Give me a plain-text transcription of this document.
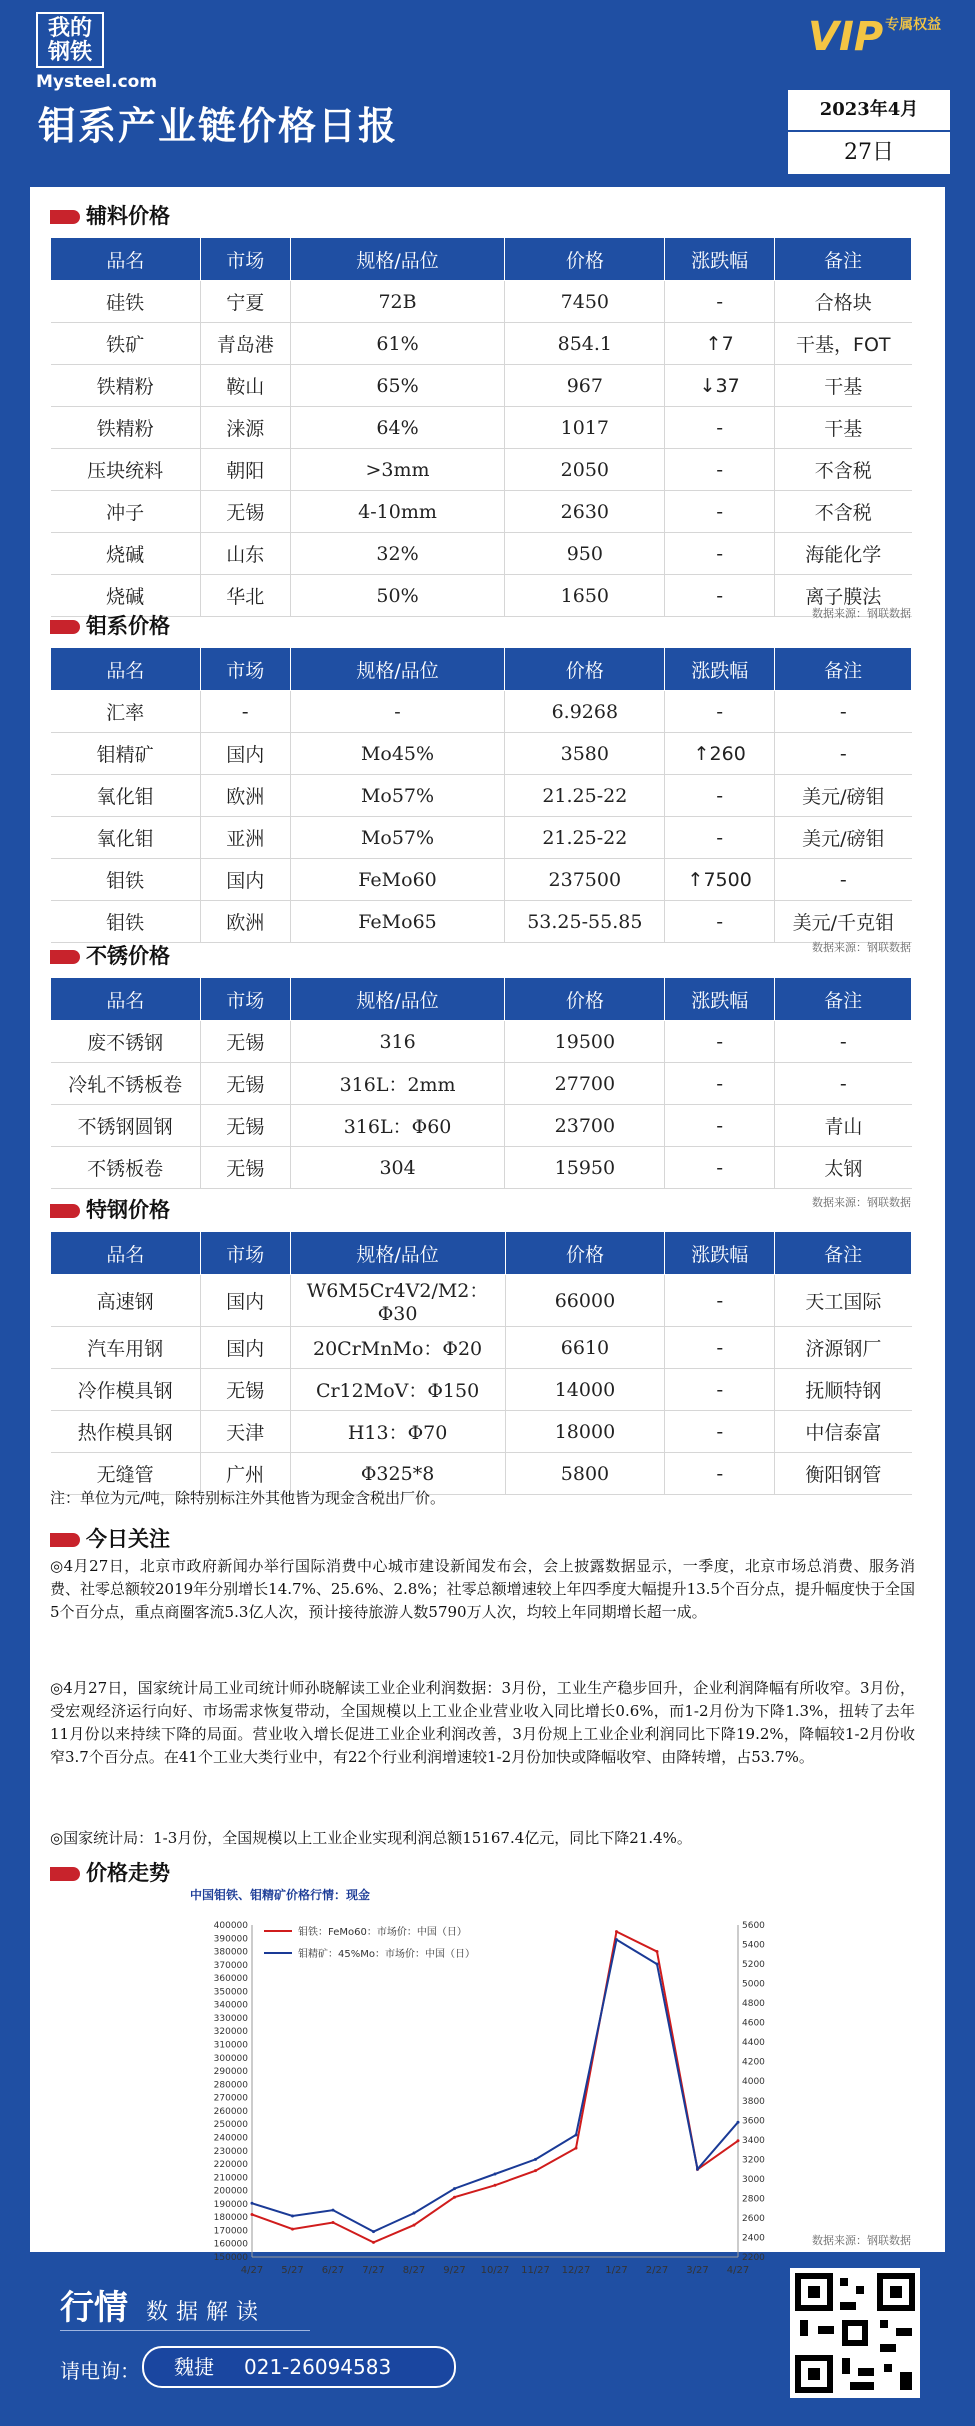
我的钢铁
Mysteel.com
钼系产业链价格日报
VIP $^{专属权益}$
2023年4月
27日
辅料价格
品名	市场	规格/品位	价格	涨跌幅	备注
硅铁	宁夏	72B	7450	-	合格块
铁矿	青岛港	61%	854.1	↑7	干基，FOT
铁精粉	鞍山	65%	967	↓37	干基
铁精粉	涞源	64%	1017	-	干基
压块统料	朝阳	>3mm	2050	-	不含税
冲子	无锡	4-10mm	2630	-	不含税
烧碱	山东	32%	950	-	海能化学
烧碱	华北	50%	1650	-	离子膜法
数据来源：钢联数据
钼系价格
品名	市场	规格/品位	价格	涨跌幅	备注
汇率	-	-	6.9268	-	-
钼精矿	国内	Mo45%	3580	↑260	-
氧化钼	欧洲	Mo57%	21.25-22	-	美元/磅钼
氧化钼	亚洲	Mo57%	21.25-22	-	美元/磅钼
钼铁	国内	FeMo60	237500	↑7500	-
钼铁	欧洲	FeMo65	53.25-55.85	-	美元/千克钼
数据来源：钢联数据
不锈价格
品名	市场	规格/品位	价格	涨跌幅	备注
废不锈钢	无锡	316	19500	-	-
冷轧不锈板卷	无锡	316L：2mm	27700	-	-
不锈钢圆钢	无锡	316L：Φ60	23700	-	青山
不锈板卷	无锡	304	15950	-	太钢
数据来源：钢联数据
特钢价格
品名	市场	规格/品位	价格	涨跌幅	备注
高速钢	国内	W6M5Cr4V2/M2：Φ30	66000	-	天工国际
汽车用钢	国内	20CrMnMo：Φ20	6610	-	济源钢厂
冷作模具钢	无锡	Cr12MoV：Φ150	14000	-	抚顺特钢
热作模具钢	天津	H13：Φ70	18000	-	中信泰富
无缝管	广州	Φ325*8	5800	-	衡阳钢管
注：单位为元/吨，除特别标注外其他皆为现金含税出厂价。
今日关注
◎4月27日，北京市政府新闻办举行国际消费中心城市建设新闻发布会，会上披露数据显示，一季度，北京市场总消费、服务消费、社零总额较2019年分别增长14.7%、25.6%、2.8%；社零总额增速较上年四季度大幅提升13.5个百分点，提升幅度快于全国5个百分点，重点商圈客流5.3亿人次，预计接待旅游人数5790万人次，均较上年同期增长超一成。
◎4月27日，国家统计局工业司统计师孙晓解读工业企业利润数据：3月份，工业生产稳步回升，企业利润降幅有所收窄。3月份，受宏观经济运行向好、市场需求恢复带动，全国规模以上工业企业营业收入同比增长0.6%，而1-2月份为下降1.3%，扭转了去年11月份以来持续下降的局面。营业收入增长促进工业企业利润改善，3月份规上工业企业利润同比下降19.2%，降幅较1-2月份收窄3.7个百分点。在41个工业大类行业中，有22个行业利润增速较1-2月份加快或降幅收窄、由降转增，占53.7%。
◎国家统计局：1-3月份，全国规模以上工业企业实现利润总额15167.4亿元，同比下降21.4%。
价格走势
中国钼铁、钼精矿价格行情：现金
150000
160000
170000
180000
190000
200000
210000
220000
230000
240000
250000
260000
270000
280000
290000
300000
310000
320000
330000
340000
350000
360000
370000
380000
390000
400000
2200
2400
2600
2800
3000
3200
3400
3600
3800
4000
4200
4400
4600
4800
5000
5200
5400
5600
4/27 5/27 6/27 7/27 8/27 9/27 10/27 11/27 12/27 1/27 2/27 3/27 4/27
钼铁：FeMo60：市场价：中国（日）
钼精矿：45%Mo：市场价：中国（日）
数据来源：钢联数据
行情 数据解读
请电询：	魏捷 021-26094583
